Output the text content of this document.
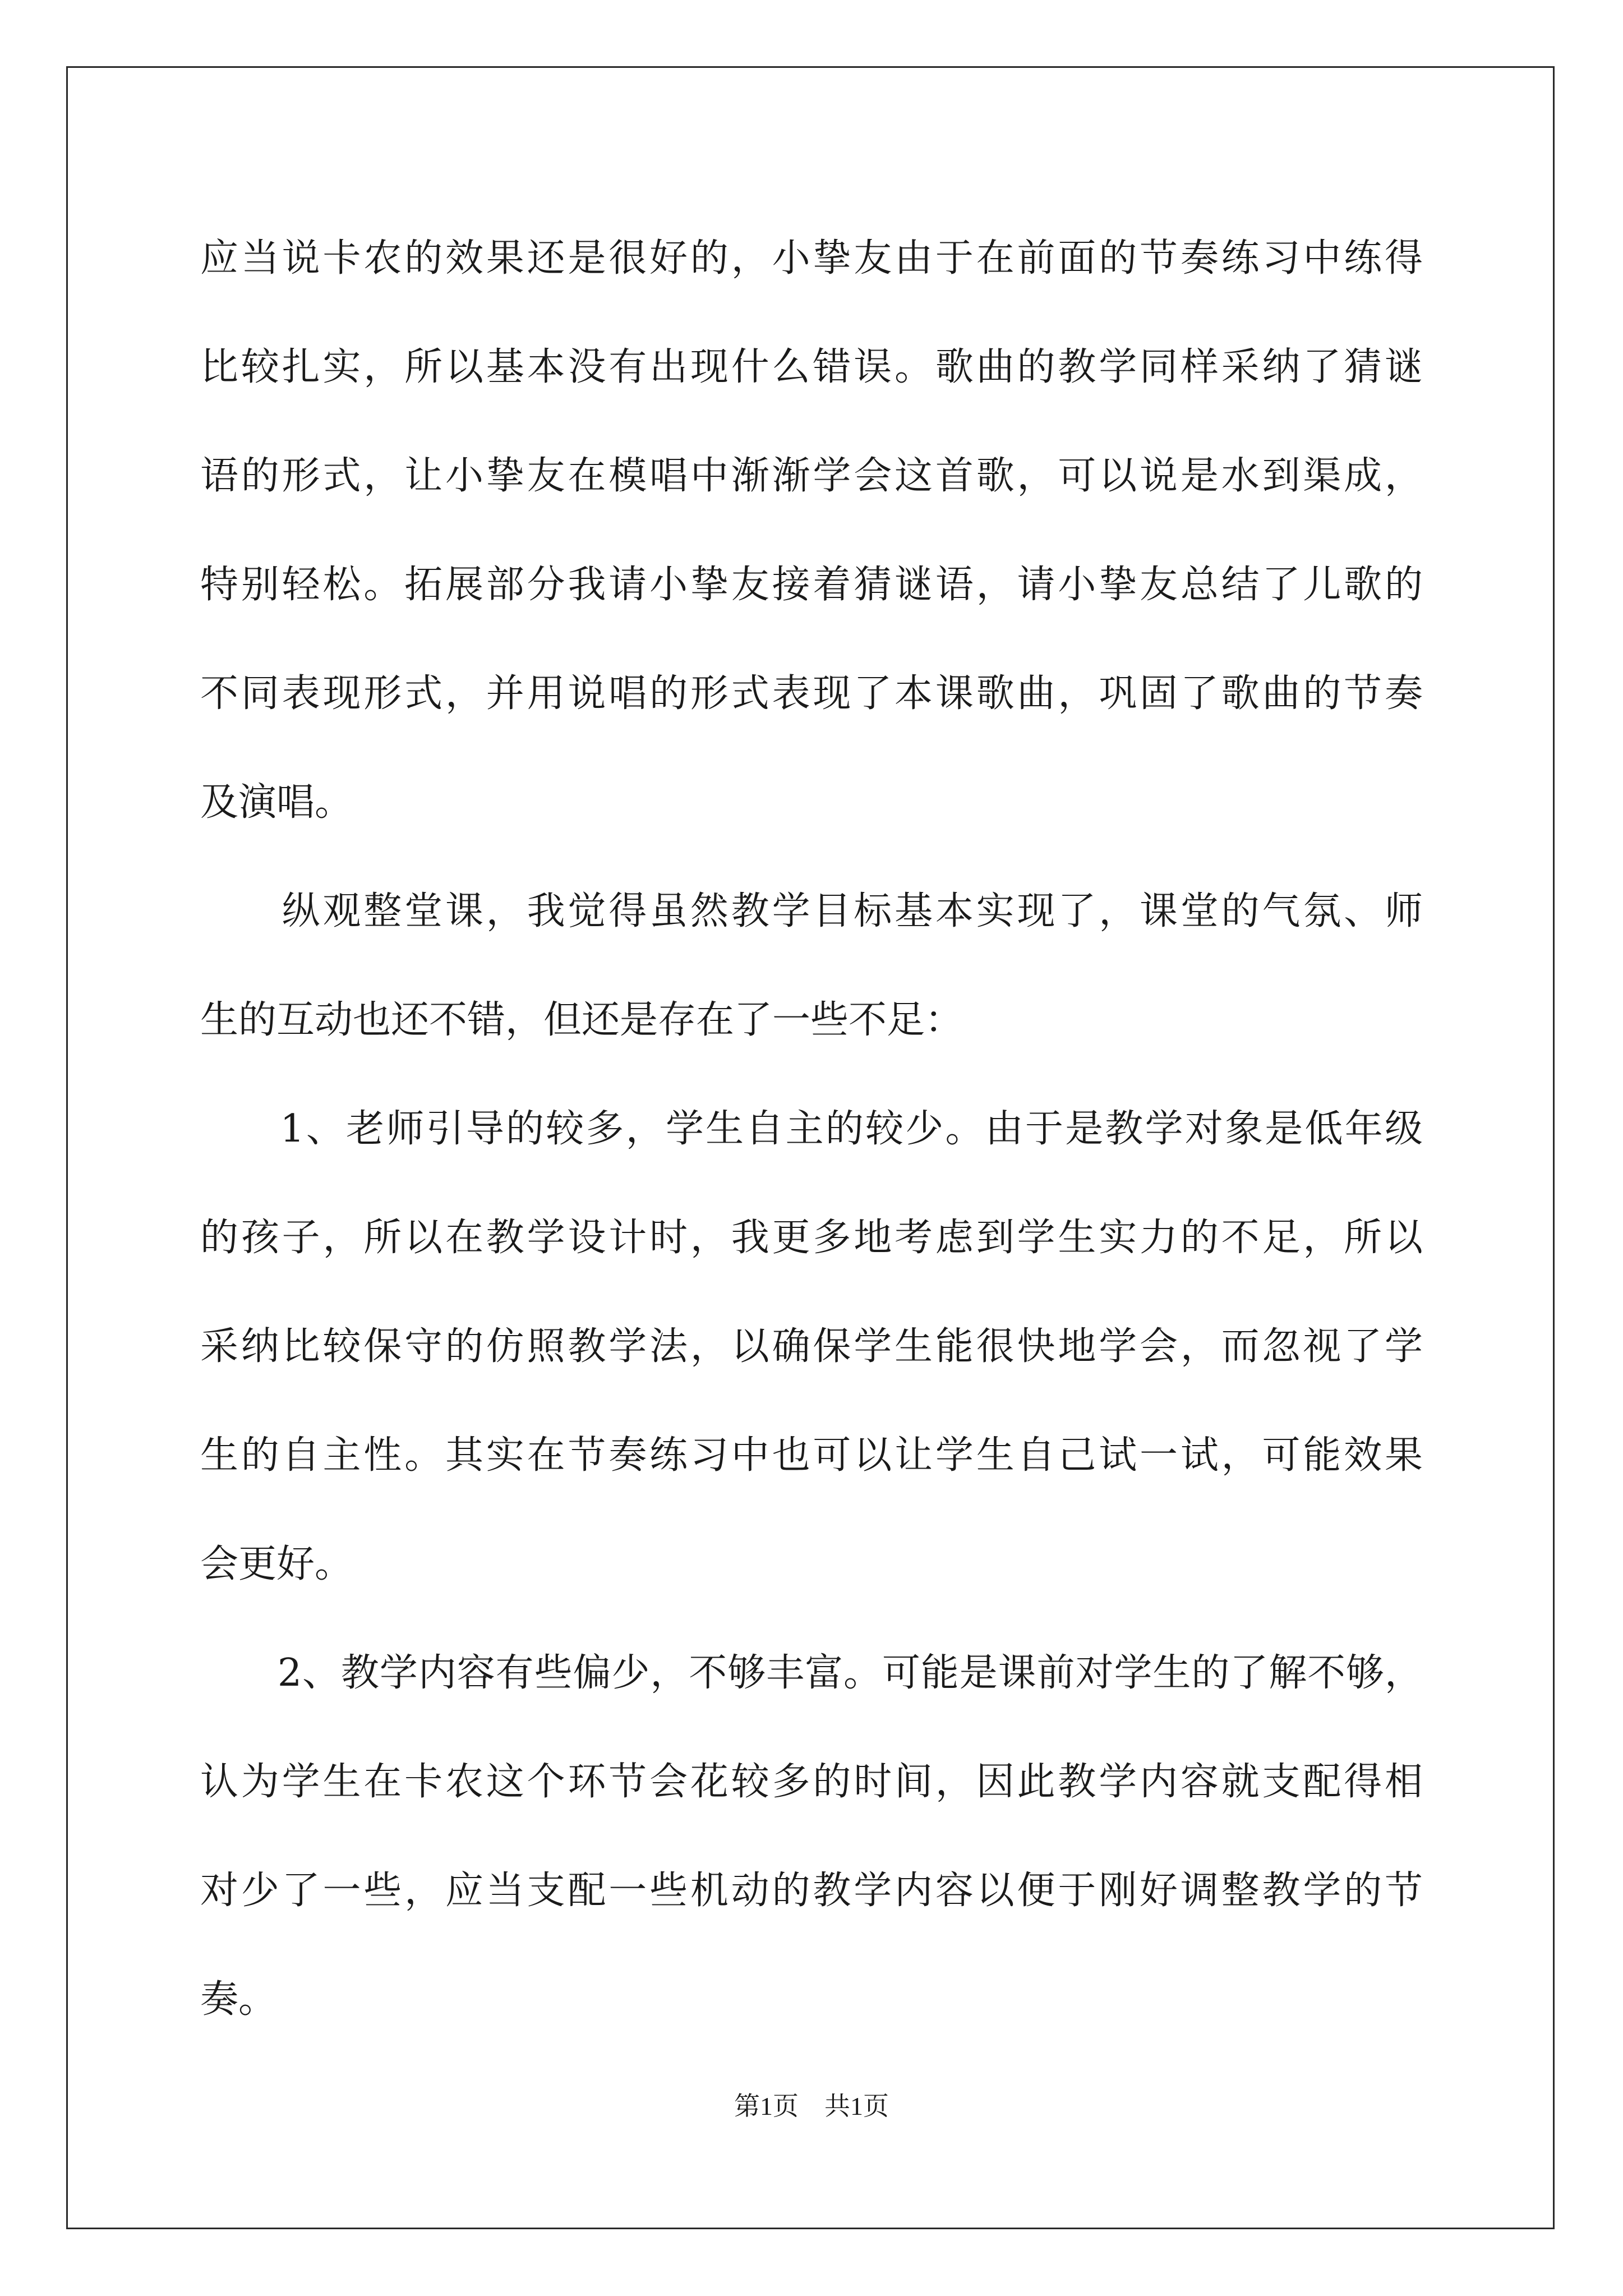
应当说卡农的效果还是很好的，小挚友由于在前面的节奏练习中练得
比较扎实，所以基本没有出现什么错误。歌曲的教学同样采纳了猜谜
语的形式，让小挚友在模唱中渐渐学会这首歌，可以说是水到渠成，
特别轻松。拓展部分我请小挚友接着猜谜语，请小挚友总结了儿歌的
不同表现形式，并用说唱的形式表现了本课歌曲，巩固了歌曲的节奏
及演唱。
　　纵观整堂课，我觉得虽然教学目标基本实现了，课堂的气氛、师
生的互动也还不错，但还是存在了一些不足：
　　1、老师引导的较多，学生自主的较少。由于是教学对象是低年级
的孩子，所以在教学设计时，我更多地考虑到学生实力的不足，所以
采纳比较保守的仿照教学法，以确保学生能很快地学会，而忽视了学
生的自主性。其实在节奏练习中也可以让学生自己试一试，可能效果
会更好。
　　2、教学内容有些偏少，不够丰富。可能是课前对学生的了解不够，
认为学生在卡农这个环节会花较多的时间，因此教学内容就支配得相
对少了一些，应当支配一些机动的教学内容以便于刚好调整教学的节
奏。
第1页　共1页
